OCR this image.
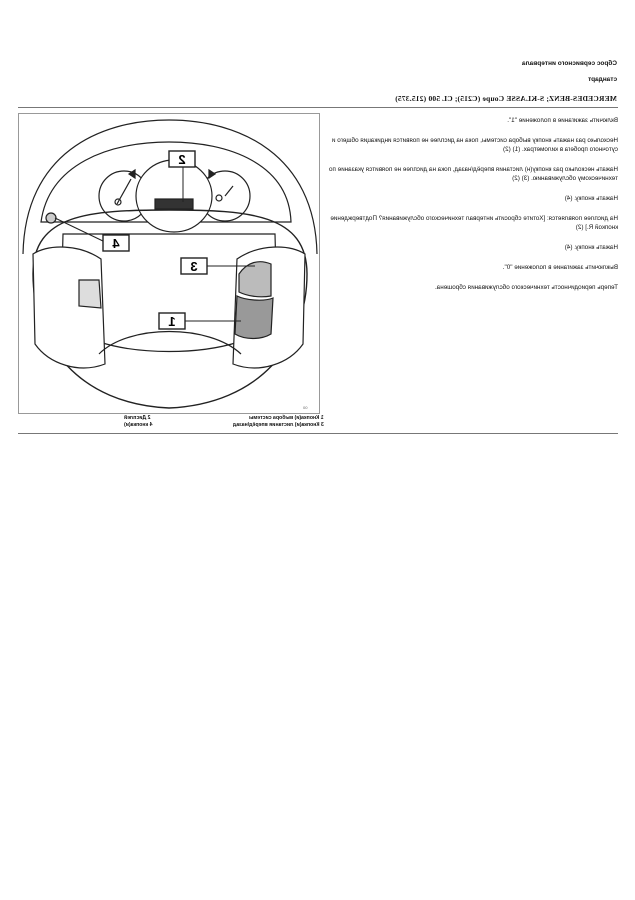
Сброс сервисного интервала
стандарт
MERCEDES-BENZ; S-KLASSE Coupe (C215); CL 500 (215.375)
2
4
3
1
00
Включить зажигание в положение "1".
Несколько раз нажать кнопку выбора системы, пока на дисплее не появится индикация общего и суточного пробега в километрах. (1) (2)
Нажать несколько раз кнопку(н) листания вперёд/назад, пока на дисплее не появится указание по техническому обслуживанию. (3) (2)
Нажать кнопку. (4)
На дисплее появляется: [Хотите сбросить интервал технического обслуживания? Подтверждение кнопкой R.] (2)
Нажать кнопку. (4)
Выключить зажигание в положение "0".
Теперь периодичность технического обслуживания сброшена.
2 Дисплей	1 Кнопка(и) выбора системы
4 кнопка(и)	3 Кнопка(и) листания вперёд/назад
